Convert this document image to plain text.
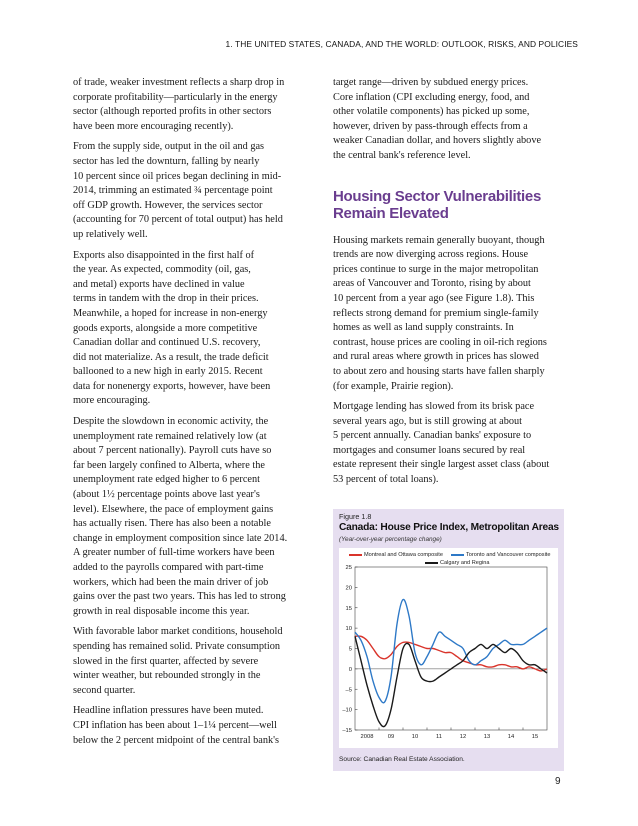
1. THE UNITED STATES, CANADA, AND THE WORLD: OUTLOOK, RISKS, AND POLICIES

of trade, weaker investment reflects a sharp drop in
corporate profitability—particularly in the energy
sector (although reported profits in other sectors
have been more encouraging recently).

From the supply side, output in the oil and gas
sector has led the downturn, falling by nearly
10 percent since oil prices began declining in mid-
2014, trimming an estimated ¾ percentage point
off GDP growth. However, the services sector
(accounting for 70 percent of total output) has held
up relatively well.

Exports also disappointed in the first half of
the year. As expected, commodity (oil, gas,
and metal) exports have declined in value
terms in tandem with the drop in their prices.
Meanwhile, a hoped for increase in non-energy
goods exports, alongside a more competitive
Canadian dollar and continued U.S. recovery,
did not materialize. As a result, the trade deficit
ballooned to a new high in early 2015. Recent
data for nonenergy exports, however, have been
more encouraging.

Despite the slowdown in economic activity, the
unemployment rate remained relatively low (at
about 7 percent nationally). Payroll cuts have so
far been largely confined to Alberta, where the
unemployment rate edged higher to 6 percent
(about 1½ percentage points above last year's
level). Elsewhere, the pace of employment gains
has actually risen. There has also been a notable
change in employment composition since late 2014.
A greater number of full-time workers have been
added to the payrolls compared with part-time
workers, which had been the main driver of job
gains over the past two years. This has led to strong
growth in real disposable income this year.

With favorable labor market conditions, household
spending has remained solid. Private consumption
slowed in the first quarter, affected by severe
winter weather, but rebounded strongly in the
second quarter.

Headline inflation pressures have been muted.
CPI inflation has been about 1–1¼ percent—well
below the 2 percent midpoint of the central bank's

target range—driven by subdued energy prices.
Core inflation (CPI excluding energy, food, and
other volatile components) has picked up some,
however, driven by pass-through effects from a
weaker Canadian dollar, and hovers slightly above
the central bank's reference level.

Housing Sector Vulnerabilities
Remain Elevated

Housing markets remain generally buoyant, though
trends are now diverging across regions. House
prices continue to surge in the major metropolitan
areas of Vancouver and Toronto, rising by about
10 percent from a year ago (see Figure 1.8). This
reflects strong demand for premium single-family
homes as well as land supply constraints. In
contrast, house prices are cooling in oil-rich regions
and rural areas where growth in prices has slowed
to about zero and housing starts have fallen sharply
(for example, Prairie region).

Mortgage lending has slowed from its brisk pace
several years ago, but is still growing at about
5 percent annually. Canadian banks' exposure to
mortgages and consumer loans secured by real
estate represent their single largest asset class (about
53 percent of total loans).

Figure 1.8
Canada: House Price Index, Metropolitan Areas
(Year-over-year percentage change)
Montreal and Ottawa composite	Toronto and Vancouver composite
Calgary and Regina
–15
–10
–5
0
5
10
15
20
25
2008 09	10	11	12	13	14	15
Source: Canadian Real Estate Association.
9
